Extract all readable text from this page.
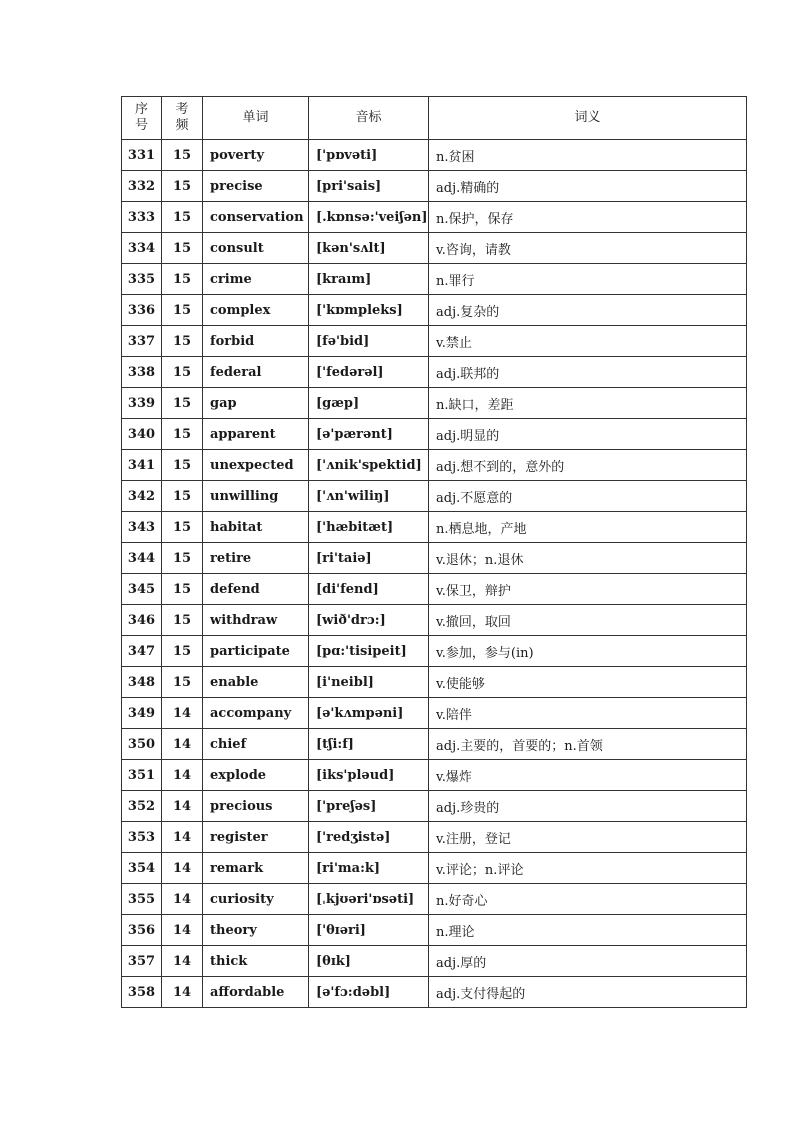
序号	考频	单词	音标	词义
331	15	poverty	['pɒvəti]	n.贫困
332	15	precise	[pri'sais]	adj.精确的
333	15	conservation	[.kɒnsə:'veiʃən]	n.保护，保存
334	15	consult	[kən'sʌlt]	v.咨询，请教
335	15	crime	[kraım]	n.罪行
336	15	complex	['kɒmpleks]	adj.复杂的
337	15	forbid	[fə'bid]	v.禁止
338	15	federal	['fedərəl]	adj.联邦的
339	15	gap	[gæp]	n.缺口，差距
340	15	apparent	[ə'pærənt]	adj.明显的
341	15	unexpected	['ʌnik'spektid]	adj.想不到的，意外的
342	15	unwilling	['ʌn'wiliŋ]	adj.不愿意的
343	15	habitat	['hæbitæt]	n.栖息地，产地
344	15	retire	[ri'taiə]	v.退休；n.退休
345	15	defend	[di'fend]	v.保卫，辩护
346	15	withdraw	[wið'drɔ:]	v.撤回，取回
347	15	participate	[pɑ:'tisipeit]	v.参加，参与(in)
348	15	enable	[i'neibl]	v.使能够
349	14	accompany	[ə'kʌmpəni]	v.陪伴
350	14	chief	[tʃi:f]	adj.主要的，首要的；n.首领
351	14	explode	[iks'pləud]	v.爆炸
352	14	precious	['preʃəs]	adj.珍贵的
353	14	register	['redʒistə]	v.注册，登记
354	14	remark	[ri'ma:k]	v.评论；n.评论
355	14	curiosity	[ˌkjʊəri'ɒsəti]	n.好奇心
356	14	theory	['θɪəri]	n.理论
357	14	thick	[θɪk]	adj.厚的
358	14	affordable	[ə'fɔ:dəbl]	adj.支付得起的
